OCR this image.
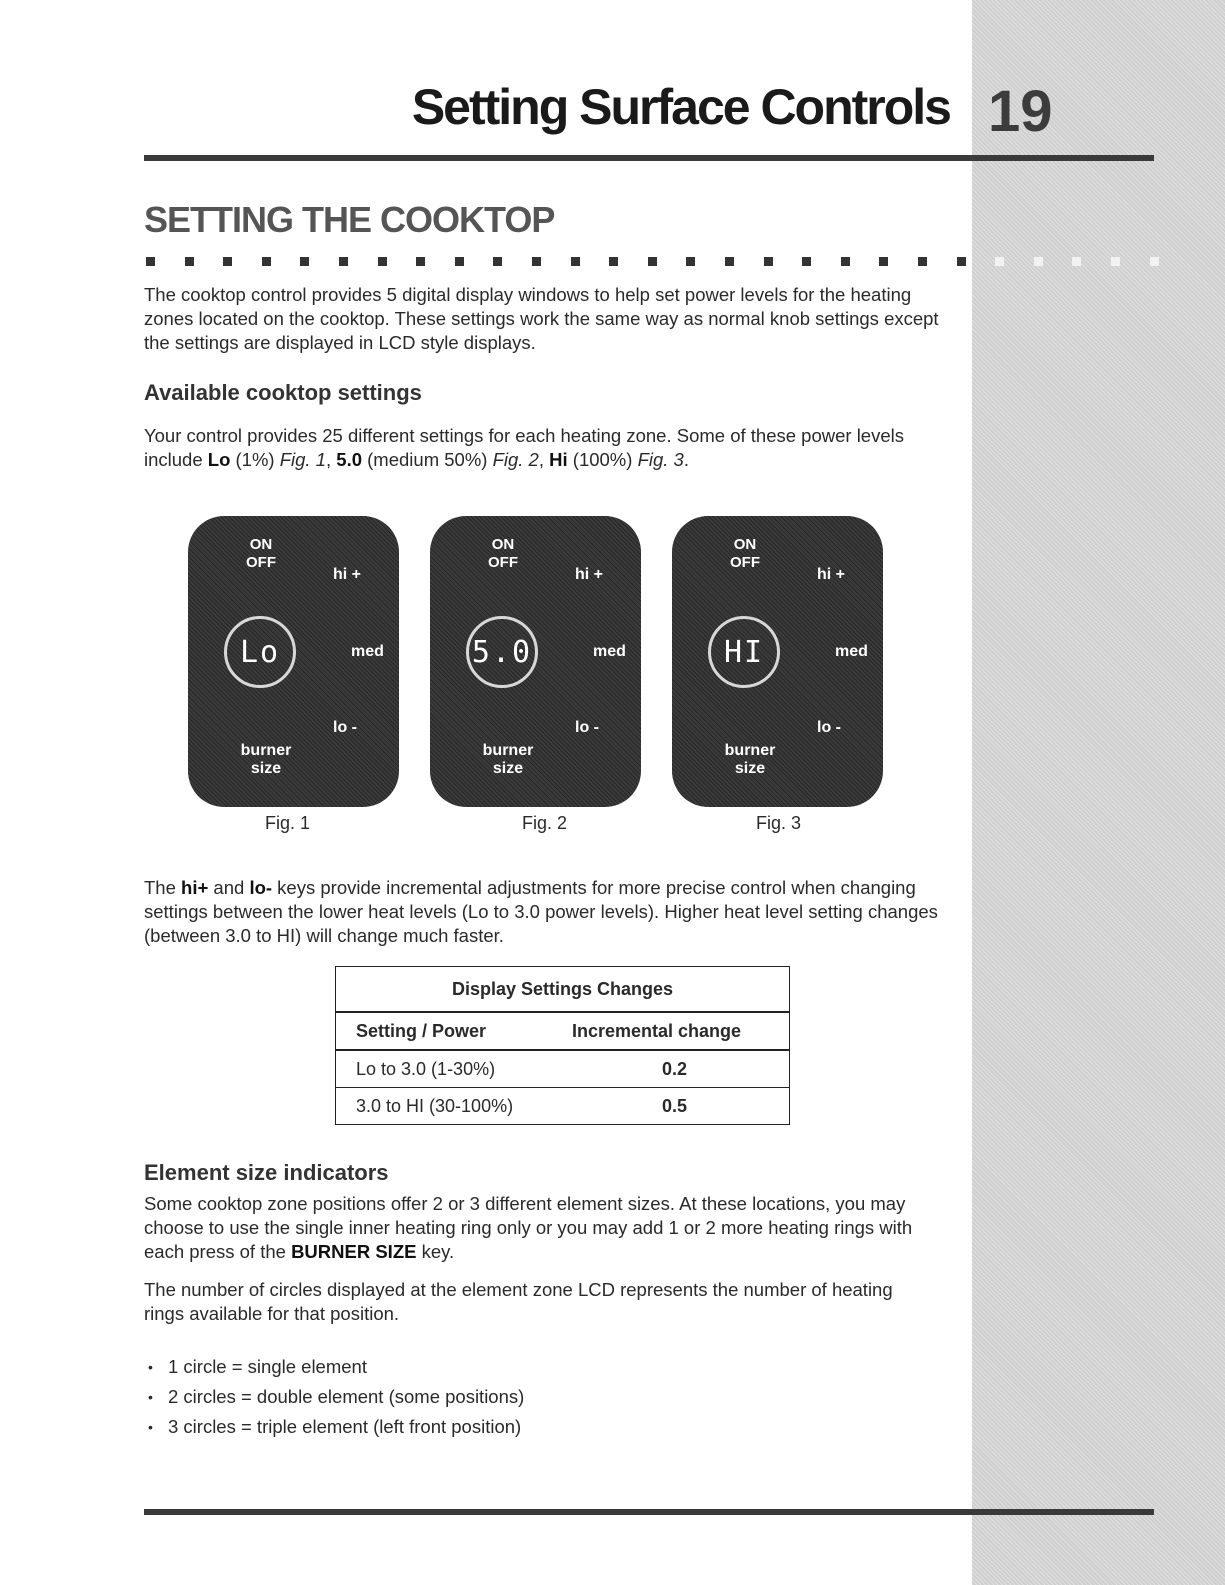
Setting Surface Controls 19
SETTING THE COOKTOP

The cooktop control provides 5 digital display windows to help set power levels for the heating zones located on the cooktop. These settings work the same way as normal knob settings except the settings are displayed in LCD style displays.

Available cooktop settings

Your control provides 25 different settings for each heating zone. Some of these power levels include Lo (1%) Fig. 1, 5.0 (medium 50%) Fig. 2, Hi (100%) Fig. 3.

ON
OFF
hi +
Lo	med
lo -
burner
size
Fig. 1
ON
OFF
hi +
5.0	med
lo -
burner
size
Fig. 2
ON
OFF
hi +
HI	med
lo -
burner
size
Fig. 3

The hi+ and lo- keys provide incremental adjustments for more precise control when changing settings between the lower heat levels (Lo to 3.0 power levels). Higher heat level setting changes (between 3.0 to HI) will change much faster.

Display Settings Changes	
Setting / Power	Incremental change
Lo to 3.0 (1-30%)	0.2
3.0 to HI (30-100%)	0.5
Element size indicators

Some cooktop zone positions offer 2 or 3 different element sizes. At these locations, you may choose to use the single inner heating ring only or you may add 1 or 2 more heating rings with each press of the BURNER SIZE key.

The number of circles displayed at the element zone LCD represents the number of heating rings available for that position.

• 1 circle = single element
• 2 circles = double element (some positions)
• 3 circles = triple element (left front position)
